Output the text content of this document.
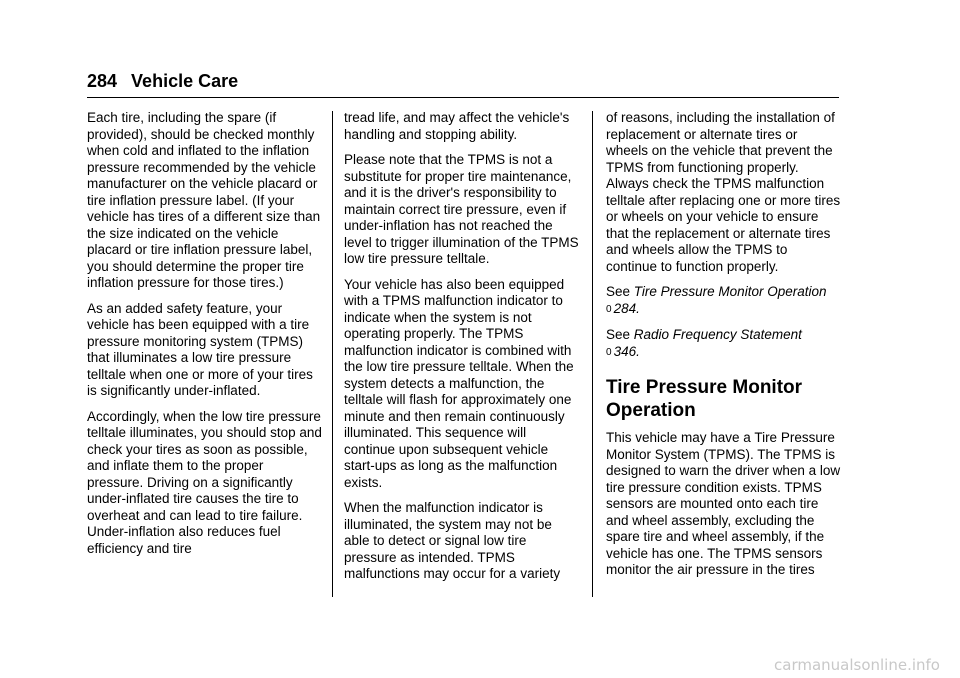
284 Vehicle Care

Each tire, including the spare (if provided), should be checked monthly when cold and inflated to the inflation pressure recommended by the vehicle manufacturer on the vehicle placard or tire inflation pressure label. (If your vehicle has tires of a different size than the size indicated on the vehicle placard or tire inflation pressure label, you should determine the proper tire inflation pressure for those tires.)

As an added safety feature, your vehicle has been equipped with a tire pressure monitoring system (TPMS) that illuminates a low tire pressure telltale when one or more of your tires is significantly under-inflated.

Accordingly, when the low tire pressure telltale illuminates, you should stop and check your tires as soon as possible, and inflate them to the proper pressure. Driving on a significantly under-inflated tire causes the tire to overheat and can lead to tire failure. Under-inflation also reduces fuel efficiency and tire

tread life, and may affect the vehicle's handling and stopping ability.

Please note that the TPMS is not a substitute for proper tire maintenance, and it is the driver's responsibility to maintain correct tire pressure, even if under-inflation has not reached the level to trigger illumination of the TPMS low tire pressure telltale.

Your vehicle has also been equipped with a TPMS malfunction indicator to indicate when the system is not operating properly. The TPMS malfunction indicator is combined with the low tire pressure telltale. When the system detects a malfunction, the telltale will flash for approximately one minute and then remain continuously illuminated. This sequence will continue upon subsequent vehicle start-ups as long as the malfunction exists.

When the malfunction indicator is illuminated, the system may not be able to detect or signal low tire pressure as intended. TPMS malfunctions may occur for a variety

of reasons, including the installation of replacement or alternate tires or wheels on the vehicle that prevent the TPMS from functioning properly. Always check the TPMS malfunction telltale after replacing one or more tires or wheels on your vehicle to ensure that the replacement or alternate tires and wheels allow the TPMS to continue to function properly.

See Tire Pressure Monitor Operation
0 284.

See Radio Frequency Statement
0 346.

Tire Pressure Monitor Operation

This vehicle may have a Tire Pressure Monitor System (TPMS). The TPMS is designed to warn the driver when a low tire pressure condition exists. TPMS sensors are mounted onto each tire and wheel assembly, excluding the spare tire and wheel assembly, if the vehicle has one. The TPMS sensors monitor the air pressure in the tires

carmanualsonline.info
